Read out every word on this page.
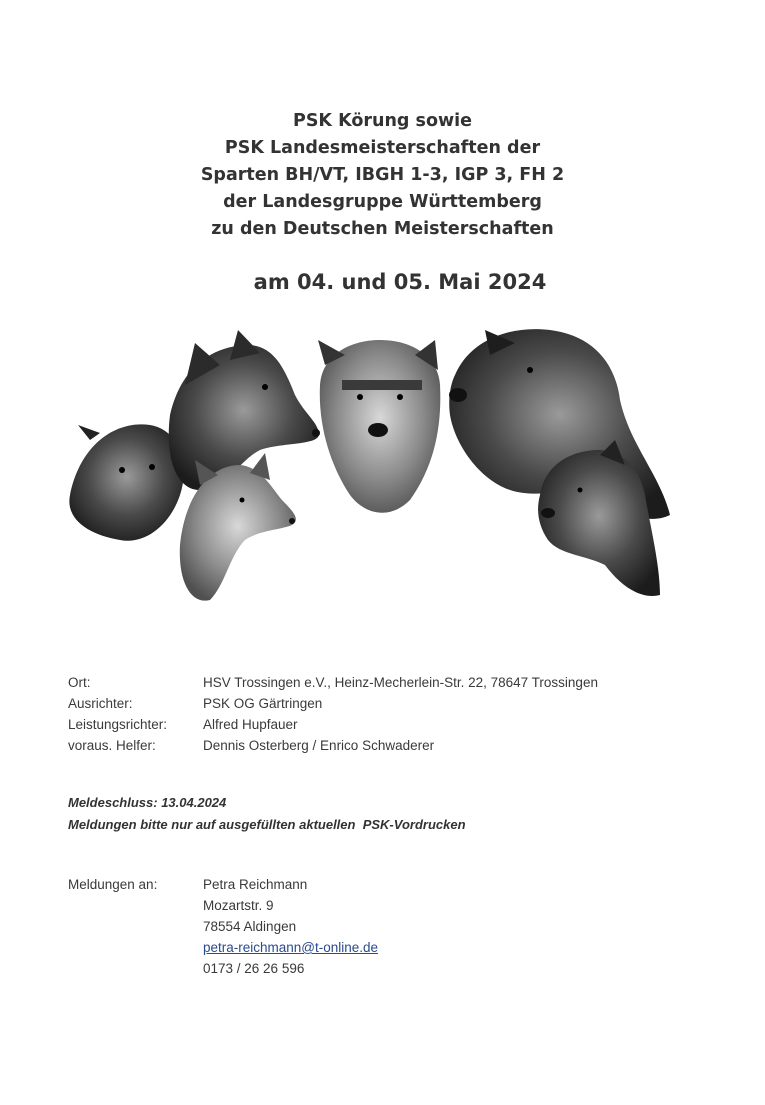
PSK Körung sowie
PSK Landesmeisterschaften der
Sparten BH/VT, IBGH 1-3, IGP 3, FH 2
der Landesgruppe Württemberg
zu den Deutschen Meisterschaften
am 04. und 05. Mai 2024
Ort:	HSV Trossingen e.V., Heinz-Mecherlein-Str. 22, 78647 Trossingen
Ausrichter:	PSK OG Gärtringen
Leistungsrichter:	Alfred Hupfauer
voraus. Helfer:	Dennis Osterberg / Enrico Schwaderer
Meldeschluss: 13.04.2024
Meldungen bitte nur auf ausgefüllten aktuellen  PSK-Vordrucken
Meldungen an:	Petra Reichmann
Mozartstr. 9
78554 Aldingen
petra-reichmann@t-online.de
0173 / 26 26 596
